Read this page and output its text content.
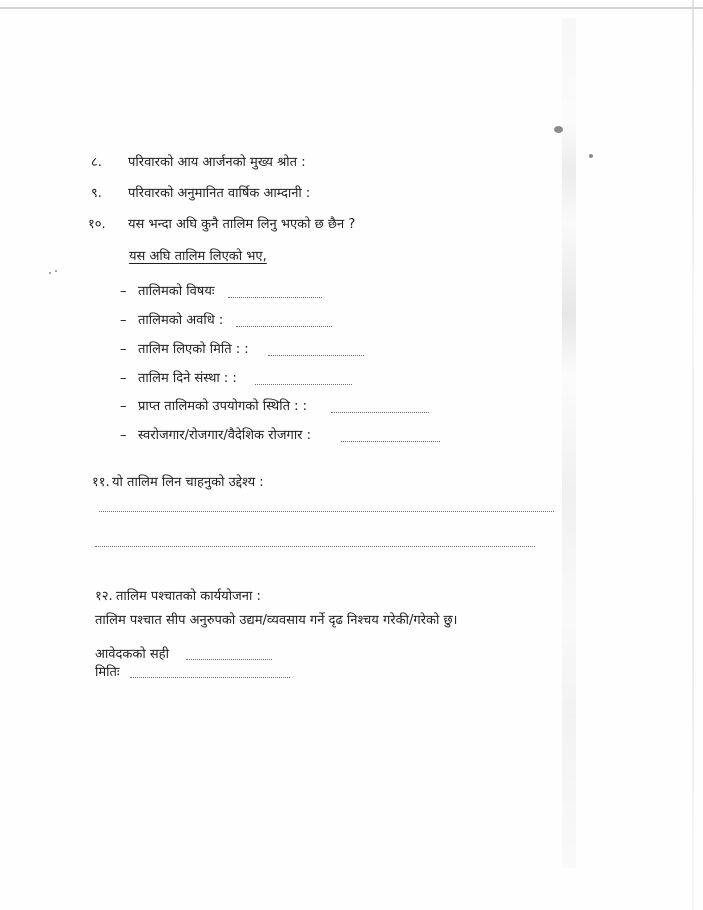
८. परिवारको आय आर्जनको मुख्य श्रोत :
९. परिवारको अनुमानित वार्षिक आम्दानी :
१०. यस भन्दा अघि कुनै तालिम लिनु भएको छ छैन ?
यस अघि तालिम लिएको भए,
– तालिमको विषयः
– तालिमको अवधि :
– तालिम लिएको मिति : :
– तालिम दिने संस्था : :
– प्राप्त तालिमको उपयोगको स्थिति : :
– स्वरोजगार/रोजगार/वैदेशिक रोजगार :
११. यो तालिम लिन चाहनुको उद्देश्य :
१२. तालिम पश्चातको कार्ययोजना :
तालिम पश्चात सीप अनुरुपको उद्यम/व्यवसाय गर्ने दृढ निश्चय गरेकी/गरेको छु।
आवेदकको सही
मितिः
